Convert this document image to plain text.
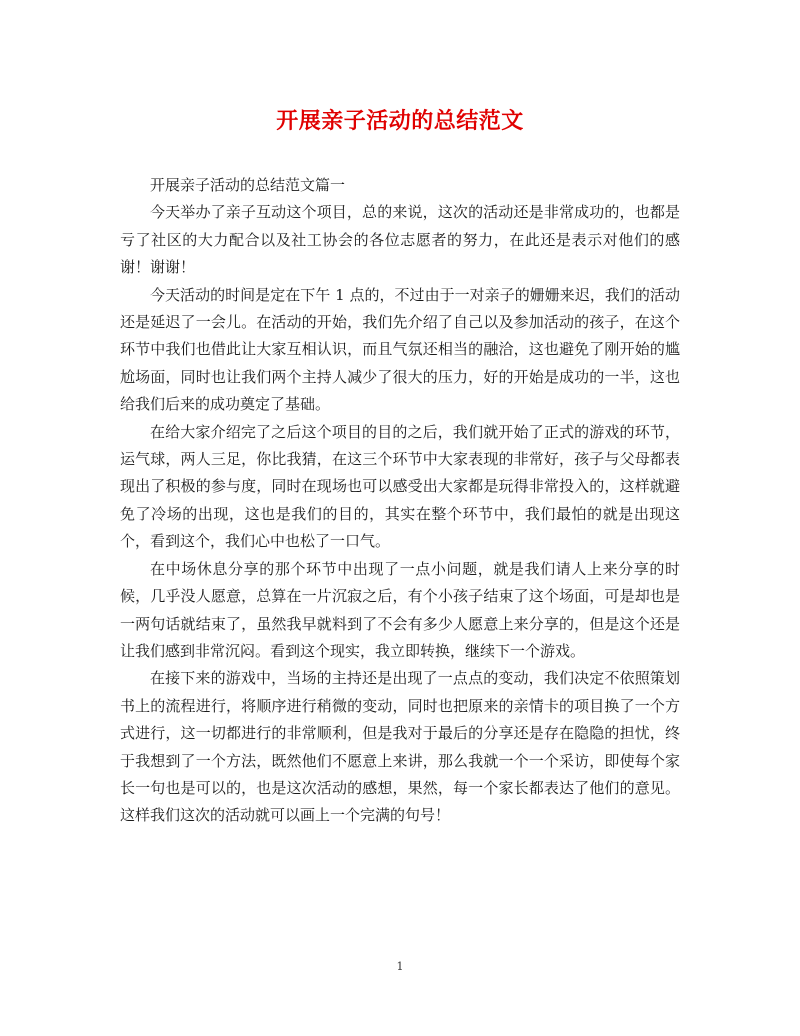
开展亲子活动的总结范文

开展亲子活动的总结范文篇一

今天举办了亲子互动这个项目，总的来说，这次的活动还是非常成功的，也都是亏了社区的大力配合以及社工协会的各位志愿者的努力，在此还是表示对他们的感谢！谢谢！

今天活动的时间是定在下午 1 点的，不过由于一对亲子的姗姗来迟，我们的活动还是延迟了一会儿。在活动的开始，我们先介绍了自己以及参加活动的孩子，在这个环节中我们也借此让大家互相认识，而且气氛还相当的融洽，这也避免了刚开始的尴尬场面，同时也让我们两个主持人减少了很大的压力，好的开始是成功的一半，这也给我们后来的成功奠定了基础。

在给大家介绍完了之后这个项目的目的之后，我们就开始了正式的游戏的环节，运气球，两人三足，你比我猜，在这三个环节中大家表现的非常好，孩子与父母都表现出了积极的参与度，同时在现场也可以感受出大家都是玩得非常投入的，这样就避免了冷场的出现，这也是我们的目的，其实在整个环节中，我们最怕的就是出现这个，看到这个，我们心中也松了一口气。

在中场休息分享的那个环节中出现了一点小问题，就是我们请人上来分享的时候，几乎没人愿意，总算在一片沉寂之后，有个小孩子结束了这个场面，可是却也是一两句话就结束了，虽然我早就料到了不会有多少人愿意上来分享的，但是这个还是让我们感到非常沉闷。看到这个现实，我立即转换，继续下一个游戏。

在接下来的游戏中，当场的主持还是出现了一点点的变动，我们决定不依照策划书上的流程进行，将顺序进行稍微的变动，同时也把原来的亲情卡的项目换了一个方式进行，这一切都进行的非常顺利，但是我对于最后的分享还是存在隐隐的担忧，终于我想到了一个方法，既然他们不愿意上来讲，那么我就一个一个采访，即使每个家长一句也是可以的，也是这次活动的感想，果然，每一个家长都表达了他们的意见。这样我们这次的活动就可以画上一个完满的句号！

1
